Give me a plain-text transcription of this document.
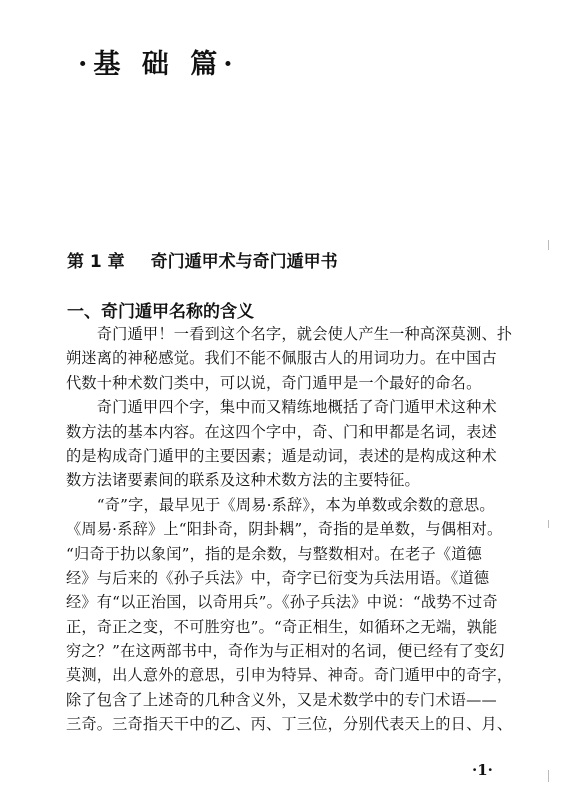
·基 础 篇·
第 1 章 奇门遁甲术与奇门遁甲书
一、奇门遁甲名称的含义
　　奇门遁甲！一看到这个名字，就会使人产生一种高深莫测、扑
朔迷离的神秘感觉。我们不能不佩服古人的用词功力。在中国古
代数十种术数门类中，可以说，奇门遁甲是一个最好的命名。
　　奇门遁甲四个字，集中而又精练地概括了奇门遁甲术这种术
数方法的基本内容。在这四个字中，奇、门和甲都是名词，表述
的是构成奇门遁甲的主要因素；遁是动词，表述的是构成这种术
数方法诸要素间的联系及这种术数方法的主要特征。
　　“奇”字，最早见于《周易·系辞》，本为单数或余数的意思。
《周易·系辞》上“阳卦奇，阴卦耦”，奇指的是单数，与偶相对。
“归奇于扐以象闰”，指的是余数，与整数相对。在老子《道德
经》与后来的《孙子兵法》中，奇字已衍变为兵法用语。《道德
经》有“以正治国，以奇用兵”。《孙子兵法》中说：“战势不过奇
正，奇正之变，不可胜穷也”。“奇正相生，如循环之无端，孰能
穷之？”在这两部书中，奇作为与正相对的名词，便已经有了变幻
莫测，出人意外的意思，引申为特异、神奇。奇门遁甲中的奇字，
除了包含了上述奇的几种含义外，又是术数学中的专门术语——
三奇。三奇指天干中的乙、丙、丁三位，分别代表天上的日、月、
·1·
